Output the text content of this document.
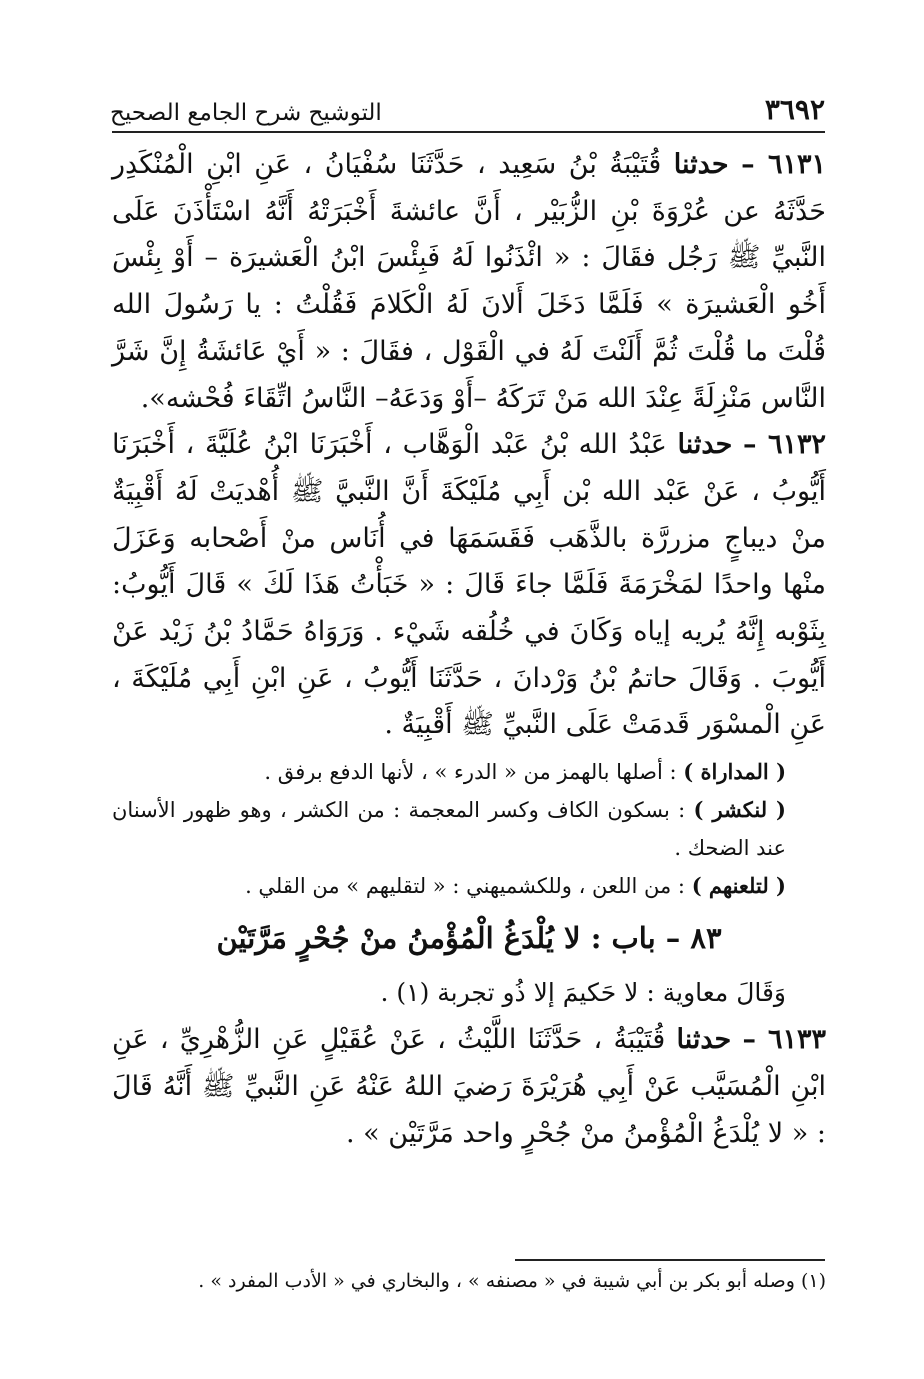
٣٦٩٢
التوشيح شرح الجامع الصحيح

٦١٣١ – حدثنا قُتَيْبَةُ بْنُ سَعِيد ، حَدَّثَنَا سُفْيَانُ ، عَنِ ابْنِ الْمُنْكَدِر حَدَّثَهُ عن عُرْوَةَ بْنِ الزُّبَيْر ، أَنَّ عائشةَ أَخْبَرَتْهُ أَنَّهُ اسْتَأْذَنَ عَلَى النَّبيِّ ﷺ رَجُل فقَالَ : « ائْذَنُوا لَهُ فَبِئْسَ ابْنُ الْعَشيرَة – أَوْ بِئْسَ أَخُو الْعَشيرَة » فَلَمَّا دَخَلَ أَلانَ لَهُ الْكَلامَ فَقُلْتُ : يا رَسُولَ الله قُلْتَ ما قُلْتَ ثُمَّ أَلَنْتَ لَهُ في الْقَوْل ، فقَالَ : « أَيْ عَائشَةُ إِنَّ شَرَّ النَّاس مَنْزِلَةً عِنْدَ الله مَنْ تَرَكَهُ –أَوْ وَدَعَهُ– النَّاسُ اتِّقَاءَ فُحْشه».

٦١٣٢ – حدثنا عَبْدُ الله بْنُ عَبْد الْوَهَّاب ، أَخْبَرَنَا ابْنُ عُلَيَّةَ ، أَخْبَرَنَا أَيُّوبُ ، عَنْ عَبْد الله بْن أَبِي مُلَيْكَةَ أَنَّ النَّبيَّ ﷺ أُهْديَتْ لَهُ أَقْبِيَةٌ منْ ديباجٍ مزررَّة بالذَّهَب فَقَسَمَهَا في أُنَاس منْ أَصْحابه وَعَزَلَ منْها واحدًا لمَخْرَمَةَ فَلَمَّا جاءَ قَالَ : « خَبَأْتُ هَذَا لَكَ » قَالَ أَيُّوبُ: بِثَوْبه إِنَّهُ يُريه إياه وَكَانَ في خُلُقه شَيْء . وَرَوَاهُ حَمَّادُ بْنُ زَيْد عَنْ أَيُّوبَ . وَقَالَ حاتمُ بْنُ وَرْدانَ ، حَدَّثَنَا أَيُّوبُ ، عَنِ ابْنِ أَبِي مُلَيْكَةَ ، عَنِ الْمسْوَر قَدمَتْ عَلَى النَّبيِّ ﷺ أَقْبِيَةٌ .

( المداراة ) : أصلها بالهمز من « الدرء » ، لأنها الدفع برفق .

( لنكشر ) : بسكون الكاف وكسر المعجمة : من الكشر ، وهو ظهور الأسنان عند الضحك .

( لتلعنهم ) : من اللعن ، وللكشميهني : « لتقليهم » من القلي .

٨٣ – باب : لا يُلْدَغُ الْمُؤْمنُ منْ جُحْرٍ مَرَّتَيْن

وَقَالَ معاوية : لا حَكيمَ إلا ذُو تجربة (١) .

٦١٣٣ – حدثنا قُتَيْبَةُ ، حَدَّثَنَا اللَّيْثُ ، عَنْ عُقَيْلٍ عَنِ الزُّهْرِيِّ ، عَنِ ابْنِ الْمُسَيَّب عَنْ أَبِي هُرَيْرَةَ رَضيَ اللهُ عَنْهُ عَنِ النَّبيِّ ﷺ أَنَّهُ قَالَ : « لا يُلْدَغُ الْمُؤْمنُ منْ جُحْرٍ واحد مَرَّتَيْن » .

(١) وصله أبو بكر بن أبي شيبة في « مصنفه » ، والبخاري في « الأدب المفرد » .
